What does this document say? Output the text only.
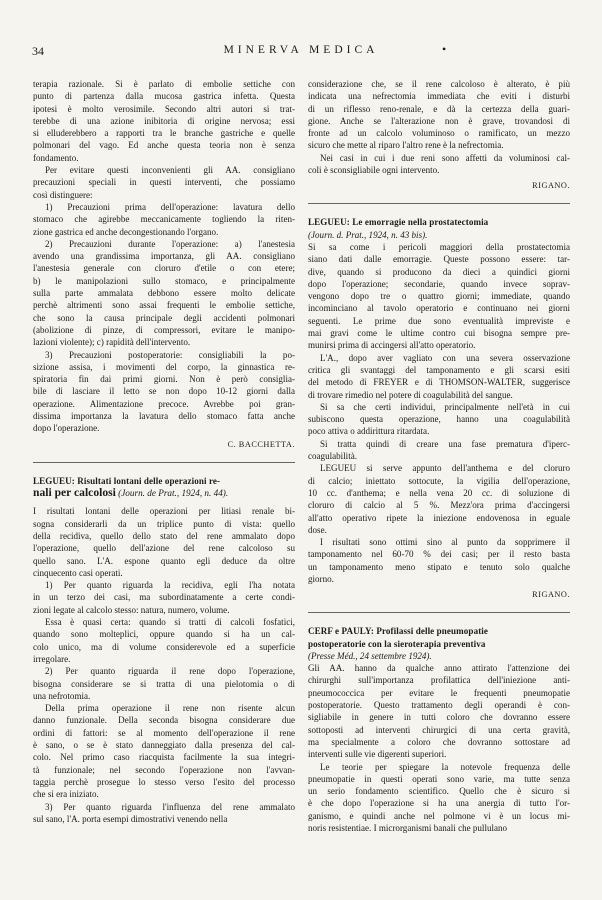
34	MINERVA MEDICA	•

terapia razionale. Si è parlato di embolie settiche con

punto di partenza dalla mucosa gastrica infetta. Questa

ipotesi è molto verosimile. Secondo altri autori si trat-

terebbe di una azione inibitoria di origine nervosa; essi

si elluderebbero a rapporti tra le branche gastriche e quelle

polmonari del vago. Ed anche questa teoria non è senza

fondamento.

Per evitare questi inconvenienti gli AA. consigliano

precauzioni speciali in questi interventi, che possiamo

così distinguere:

1) Precauzioni prima dell'operazione: lavatura dello

stomaco che agirebbe meccanicamente togliendo la riten-

zione gastrica ed anche decongestionando l'organo.

2) Precauzioni durante l'operazione: a) l'anestesia

avendo una grandissima importanza, gli AA. consigliano

l'anestesia generale con cloruro d'etile o con etere;

b) le manipolazioni sullo stomaco, e principalmente

sulla parte ammalata debbono essere molto delicate

perchè altrimenti sono assai frequenti le embolie settiche,

che sono la causa principale degli accidenti polmonari

(abolizione di pinze, di compressori, evitare le manipo-

lazioni violente); c) rapidità dell'intervento.

3) Precauzioni postoperatorie: consigliabili la po-

sizione assisa, i movimenti del corpo, la ginnastica re-

spiratoria fin dai primi giorni. Non è però consiglia-

bile di lasciare il letto se non dopo 10-12 giorni dalla

operazione. Alimentazione precoce. Avrebbe poi gran-

dissima importanza la lavatura dello stomaco fatta anche

dopo l'operazione.

C. BACCHETTA.

LEGUEU: Risultati lontani delle operazioni re-

nali per calcolosi (Journ. de Prat., 1924, n. 44).

I risultati lontani delle operazioni per litiasi renale bi-

sogna considerarli da un triplice punto di vista: quello

della recidiva, quello dello stato del rene ammalato dopo

l'operazione, quello dell'azione del rene calcoloso su

quello sano. L'A. espone quanto egli deduce da oltre

cinquecento casi operati.

1) Per quanto riguarda la recidiva, egli l'ha notata

in un terzo dei casi, ma subordinatamente a certe condi-

zioni legate al calcolo stesso: natura, numero, volume.

Essa è quasi certa: quando si tratti di calcoli fosfatici,

quando sono molteplici, oppure quando si ha un cal-

colo unico, ma di volume considerevole ed a superficie

irregolare.

2) Per quanto riguarda il rene dopo l'operazione,

bisogna considerare se si tratta di una pielotomia o di

una nefrotomia.

Della prima operazione il rene non risente alcun

danno funzionale. Della seconda bisogna considerare due

ordini di fattori: se al momento dell'operazione il rene

è sano, o se è stato danneggiato dalla presenza del cal-

colo. Nel primo caso riacquista facilmente la sua integri-

tà funzionale; nel secondo l'operazione non l'avvan-

taggia perchè prosegue lo stesso verso l'esito del processo

che si era iniziato.

3) Per quanto riguarda l'influenza del rene ammalato

sul sano, l'A. porta esempi dimostrativi venendo nella

considerazione che, se il rene calcoloso è alterato, è più

indicata una nefrectomia immediata che eviti i disturbi

di un riflesso reno-renale, e dà la certezza della guari-

gione. Anche se l'alterazione non è grave, trovandosi di

fronte ad un calcolo voluminoso o ramificato, un mezzo

sicuro che mette al riparo l'altro rene è la nefrectomia.

Nei casi in cui i due reni sono affetti da voluminosi cal-

coli è sconsigliabile ogni intervento.

RIGANO.

LEGUEU: Le emorragie nella prostatectomia

(Journ. d. Prat., 1924, n. 43 bis).

Si sa come i pericoli maggiori della prostatectomia

siano dati dalle emorragie. Queste possono essere: tar-

dive, quando si producono da dieci a quindici giorni

dopo l'operazione; secondarie, quando invece soprav-

vengono dopo tre o quattro giorni; immediate, quando

incominciano al tavolo operatorio e continuano nei giorni

seguenti. Le prime due sono eventualità impreviste e

mai gravi come le ultime contro cui bisogna sempre pre-

munirsi prima di accingersi all'atto operatorio.

L'A., dopo aver vagliato con una severa osservazione

critica gli svantaggi del tamponamento e gli scarsi esiti

del metodo di FREYER e di THOMSON-WALTER, suggerisce

di trovare rimedio nel potere di coagulabilità del sangue.

Si sa che certi individui, principalmente nell'età in cui

subiscono questa operazione, hanno una coagulabilità

poco attiva o addirittura ritardata.

Si tratta quindi di creare una fase prematura d'iperc-

coagulabilità.

LEGUEU si serve appunto dell'anthema e del cloruro

di calcio; iniettato sottocute, la vigilia dell'operazione,

10 cc. d'anthema; e nella vena 20 cc. di soluzione di

cloruro di calcio al 5 %. Mezz'ora prima d'accingersi

all'atto operativo ripete la iniezione endovenosa in eguale

dose.

I risultati sono ottimi sino al punto da sopprimere il

tamponamento nel 60-70 % dei casi; per il resto basta

un tamponamento meno stipato e tenuto solo qualche

giorno.

RIGANO.

CERF e PAULY: Profilassi delle pneumopatie

postoperatorie con la sieroterapia preventiva

(Presse Méd., 24 settembre 1924).

Gli AA. hanno da qualche anno attirato l'attenzione dei

chirurghi sull'importanza profilattica dell'iniezione anti-

pneumococcica per evitare le frequenti pneumopatie

postoperatorie. Questo trattamento degli operandi è con-

sigliabile in genere in tutti coloro che dovranno essere

sottoposti ad interventi chirurgici di una certa gravità,

ma specialmente a coloro che dovranno sottostare ad

interventi sulle vie digerenti superiori.

Le teorie per spiegare la notevole frequenza delle

pneumopatie in questi operati sono varie, ma tutte senza

un serio fondamento scientifico. Quello che è sicuro si

è che dopo l'operazione si ha una anergia di tutto l'or-

ganismo, e quindi anche nel polmone vi è un locus mi-

noris resistentiae. I microrganismi banali che pullulano
